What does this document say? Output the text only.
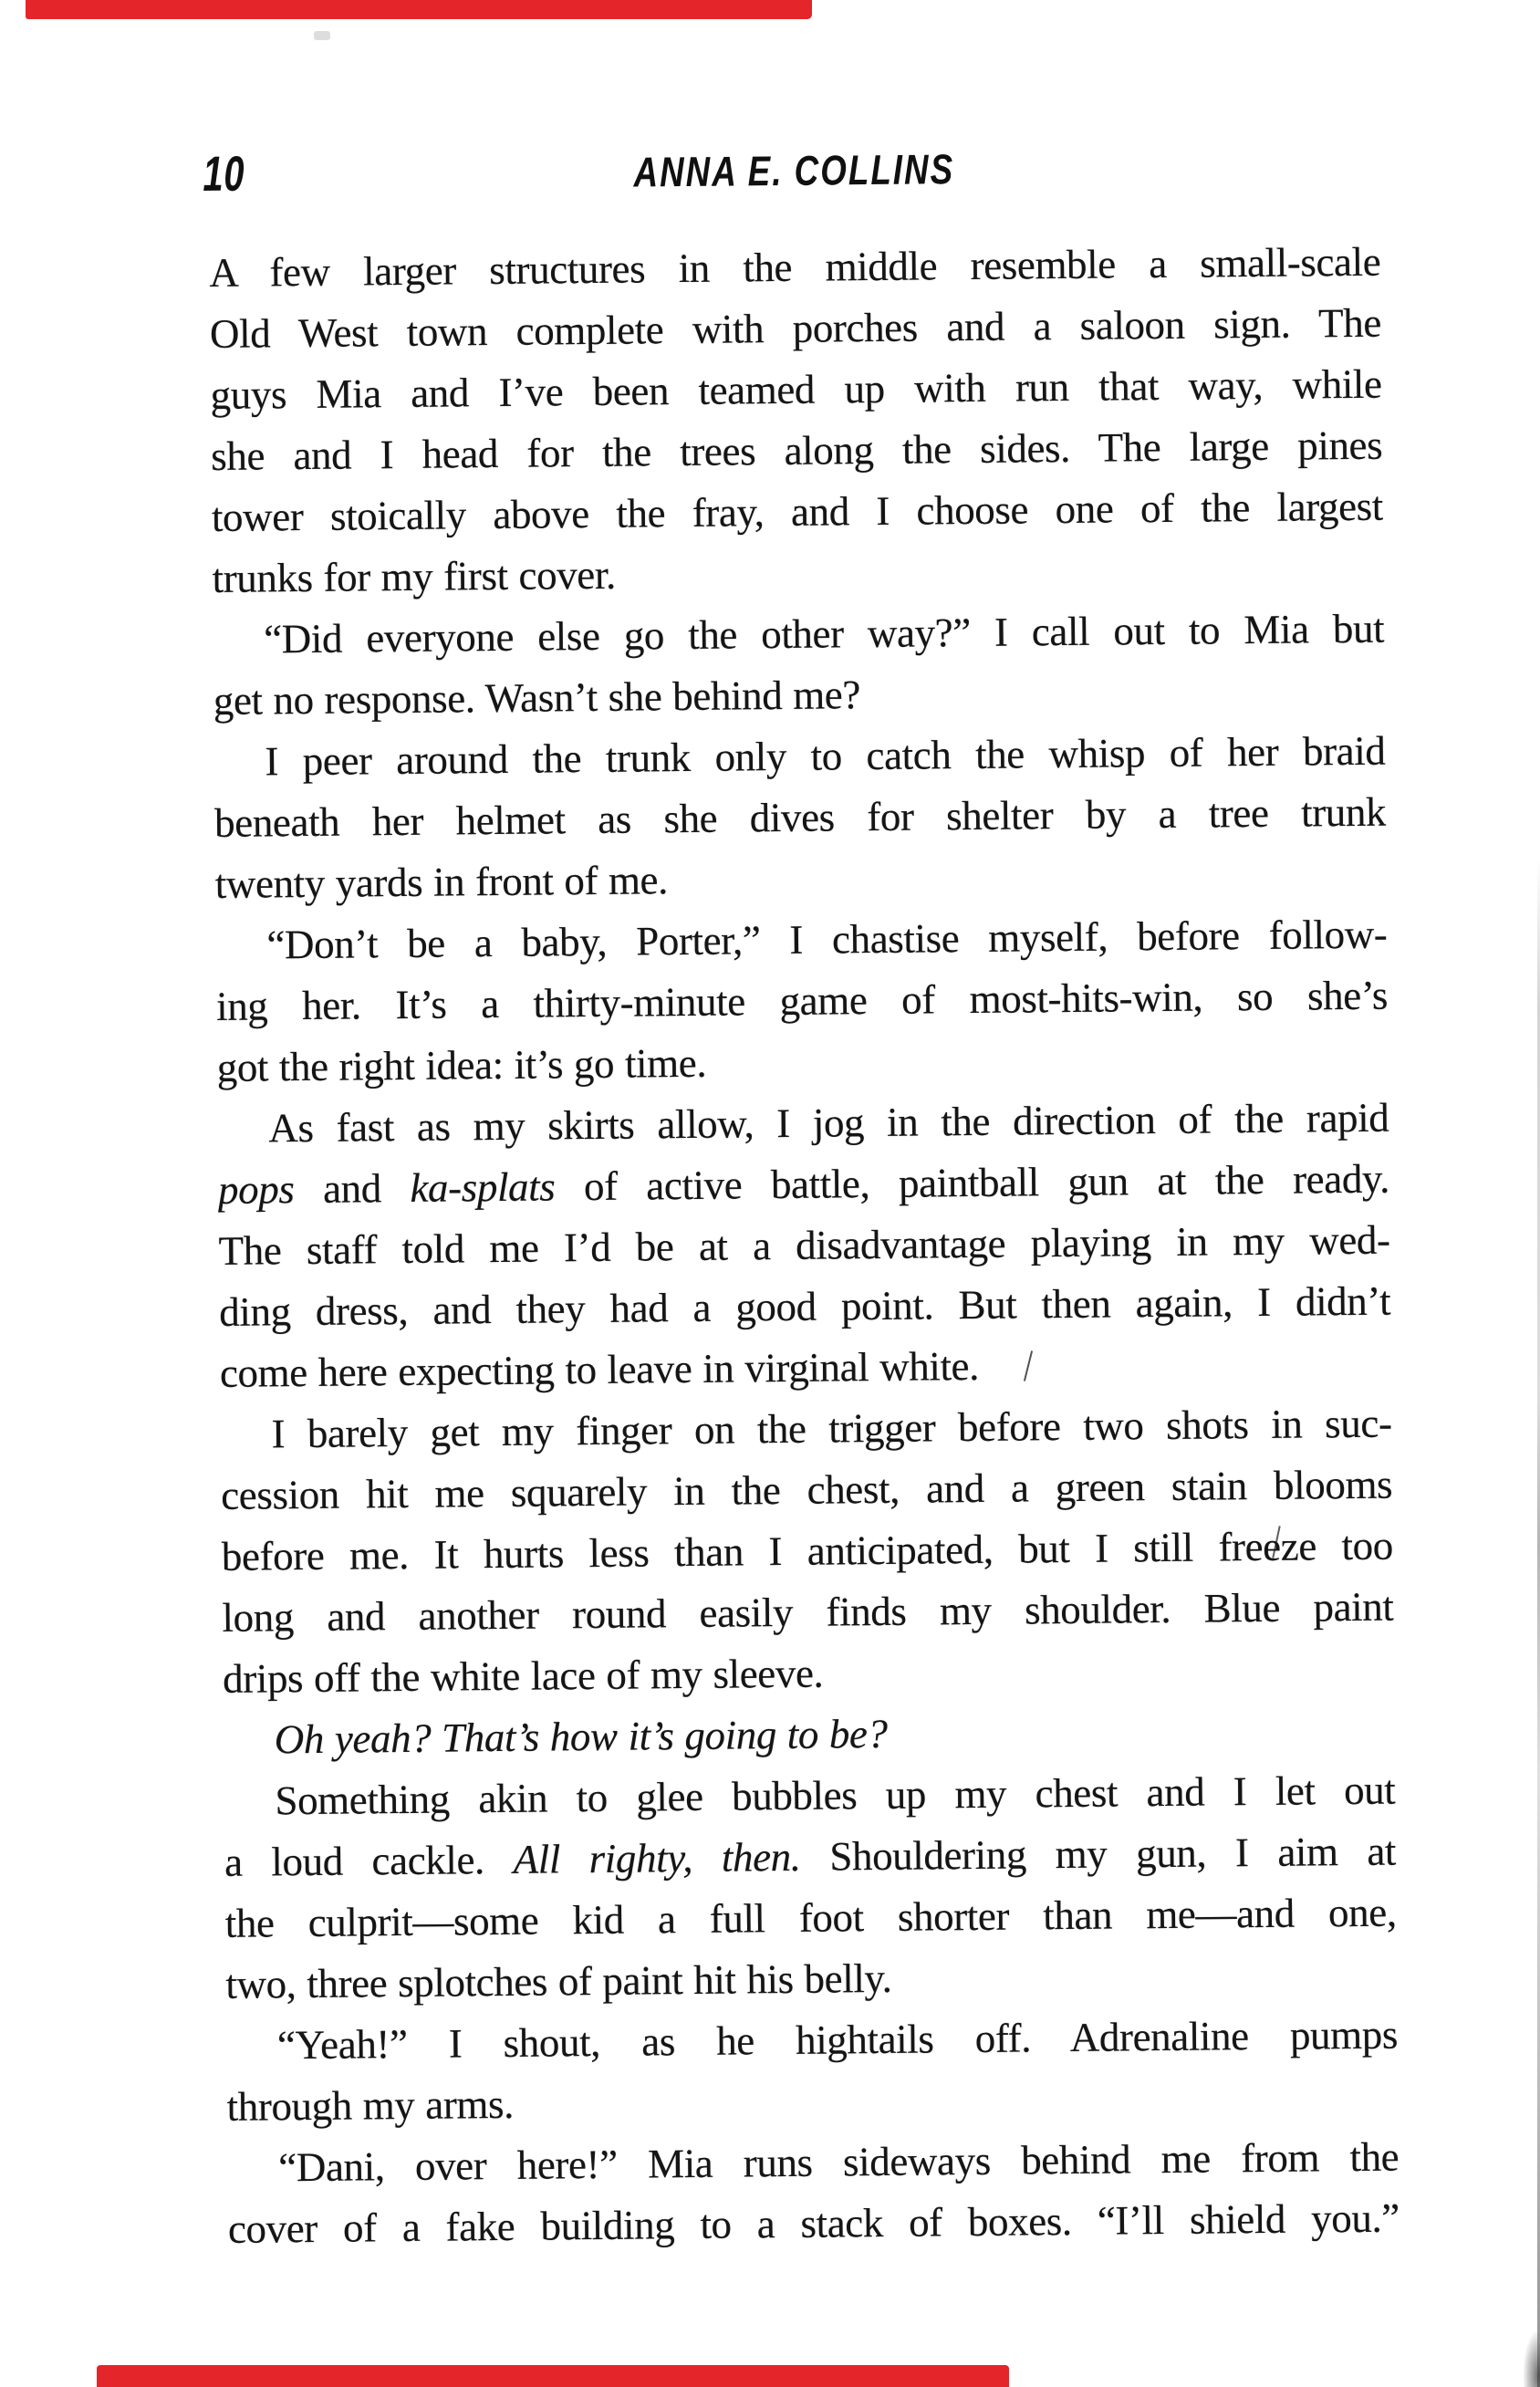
10	ANNA E. COLLINS
A few larger structures in the middle resemble a small-scale
Old West town complete with porches and a saloon sign. The
guys Mia and I’ve been teamed up with run that way, while
she and I head for the trees along the sides. The large pines
tower stoically above the fray, and I choose one of the largest
trunks for my first cover.
“Did everyone else go the other way?” I call out to Mia but
get no response. Wasn’t she behind me?
I peer around the trunk only to catch the whisp of her braid
beneath her helmet as she dives for shelter by a tree trunk
twenty yards in front of me.
“Don’t be a baby, Porter,” I chastise myself, before follow-
ing her. It’s a thirty-minute game of most-hits-win, so she’s
got the right idea: it’s go time.
As fast as my skirts allow, I jog in the direction of the rapid
pops and ka-splats of active battle, paintball gun at the ready.
The staff told me I’d be at a disadvantage playing in my wed-
ding dress, and they had a good point. But then again, I didn’t
come here expecting to leave in virginal white.
I barely get my finger on the trigger before two shots in suc-
cession hit me squarely in the chest, and a green stain blooms
before me. It hurts less than I anticipated, but I still freeze too
long and another round easily finds my shoulder. Blue paint
drips off the white lace of my sleeve.
Oh yeah? That’s how it’s going to be?
Something akin to glee bubbles up my chest and I let out
a loud cackle. All righty, then. Shouldering my gun, I aim at
the culprit—some kid a full foot shorter than me—and one,
two, three splotches of paint hit his belly.
“Yeah!” I shout, as he hightails off. Adrenaline pumps
through my arms.
“Dani, over here!” Mia runs sideways behind me from the
cover of a fake building to a stack of boxes. “I’ll shield you.”
